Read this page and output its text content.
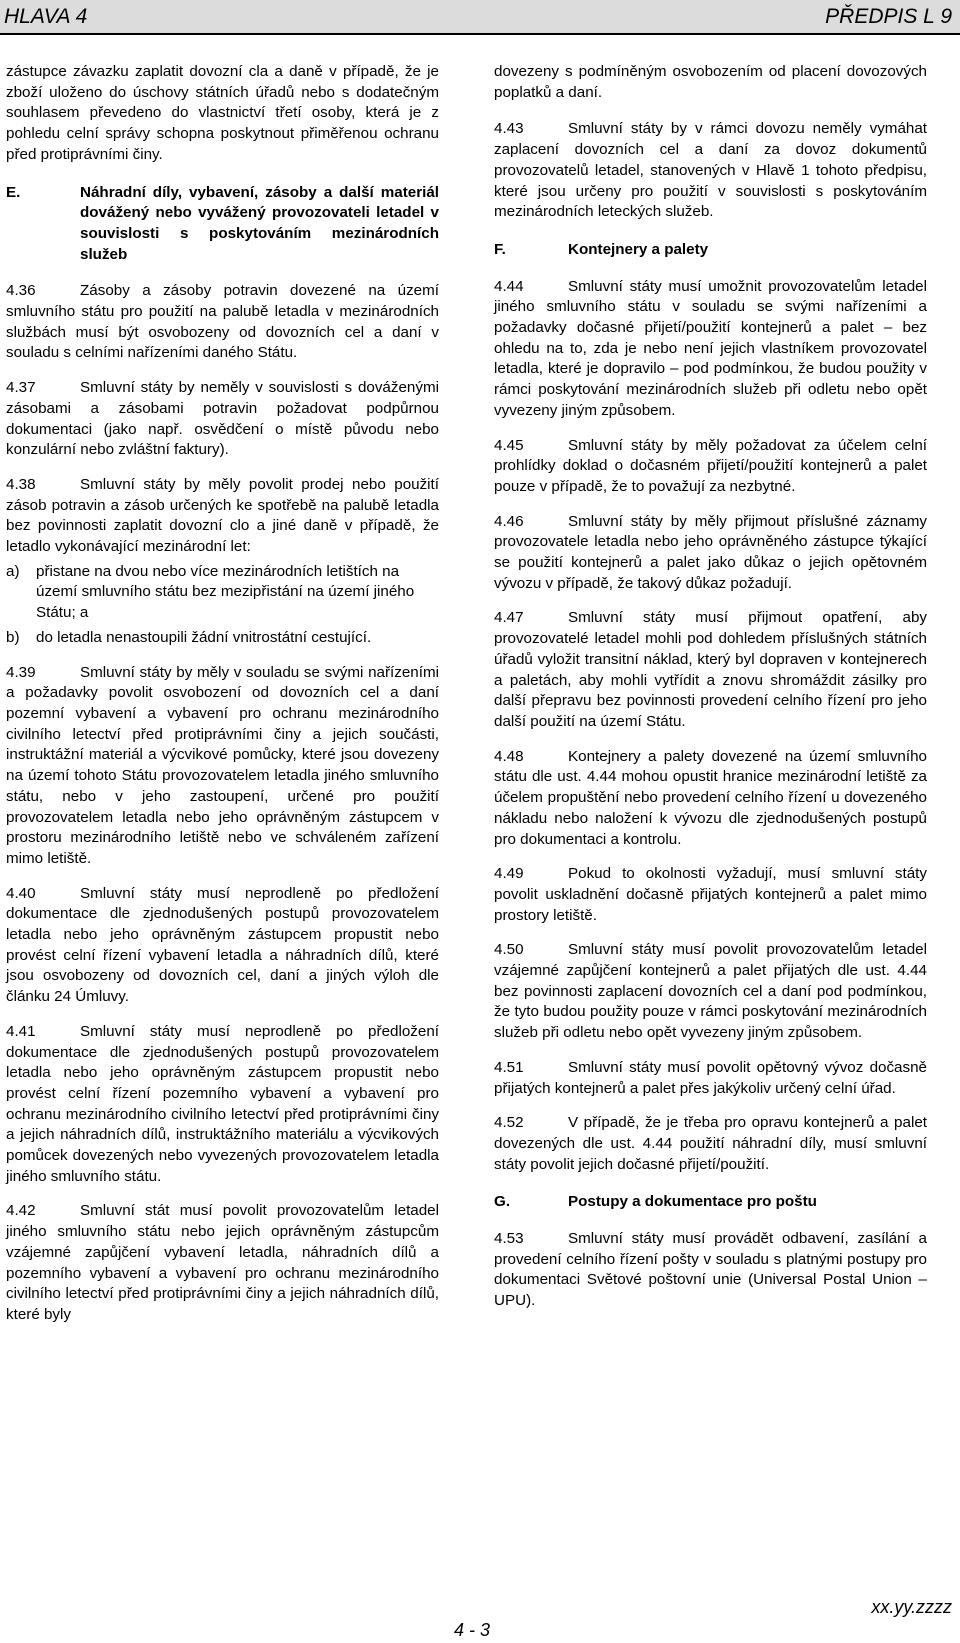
HLAVA 4	PŘEDPIS L 9

zástupce závazku zaplatit dovozní cla a daně v případě, že je zboží uloženo do úschovy státních úřadů nebo s dodatečným souhlasem převedeno do vlastnictví třetí osoby, která je z pohledu celní správy schopna poskytnout přiměřenou ochranu před protiprávními činy.

E.	Náhradní díly, vybavení, zásoby a další materiál dovážený nebo vyvážený provozovateli letadel v souvislosti s poskytováním mezinárodních služeb

4.36	Zásoby a zásoby potravin dovezené na území smluvního státu pro použití na palubě letadla v mezinárodních službách musí být osvobozeny od dovozních cel a daní v souladu s celními nařízeními daného Státu.

4.37	Smluvní státy by neměly v souvislosti s dováženými zásobami a zásobami potravin požadovat podpůrnou dokumentaci (jako např. osvědčení o místě původu nebo konzulární nebo zvláštní faktury).

4.38	Smluvní státy by měly povolit prodej nebo použití zásob potravin a zásob určených ke spotřebě na palubě letadla bez povinnosti zaplatit dovozní clo a jiné daně v případě, že letadlo vykonávající mezinárodní let:

a)	přistane na dvou nebo více mezinárodních letištích na území smluvního státu bez mezipřistání na území jiného Státu; a
b)	do letadla nenastoupili žádní vnitrostátní cestující.

4.39	Smluvní státy by měly v souladu se svými nařízeními a požadavky povolit osvobození od dovozních cel a daní pozemní vybavení a vybavení pro ochranu mezinárodního civilního letectví před protiprávními činy a jejich součásti, instruktážní materiál a výcvikové pomůcky, které jsou dovezeny na území tohoto Státu provozovatelem letadla jiného smluvního státu, nebo v jeho zastoupení, určené pro použití provozovatelem letadla nebo jeho oprávněným zástupcem v prostoru mezinárodního letiště nebo ve schváleném zařízení mimo letiště.

4.40	Smluvní státy musí neprodleně po předložení dokumentace dle zjednodušených postupů provozovatelem letadla nebo jeho oprávněným zástupcem propustit nebo provést celní řízení vybavení letadla a náhradních dílů, které jsou osvobozeny od dovozních cel, daní a jiných výloh dle článku 24 Úmluvy.

4.41	Smluvní státy musí neprodleně po předložení dokumentace dle zjednodušených postupů provozovatelem letadla nebo jeho oprávněným zástupcem propustit nebo provést celní řízení pozemního vybavení a vybavení pro ochranu mezinárodního civilního letectví před protiprávními činy a jejich náhradních dílů, instruktážního materiálu a výcvikových pomůcek dovezených nebo vyvezených provozovatelem letadla jiného smluvního státu.

4.42	Smluvní stát musí povolit provozovatelům letadel jiného smluvního státu nebo jejich oprávněným zástupcům vzájemné zapůjčení vybavení letadla, náhradních dílů a pozemního vybavení a vybavení pro ochranu mezinárodního civilního letectví před protiprávními činy a jejich náhradních dílů, které byly

dovezeny s podmíněným osvobozením od placení dovozových poplatků a daní.

4.43	Smluvní státy by v rámci dovozu neměly vymáhat zaplacení dovozních cel a daní za dovoz dokumentů provozovatelů letadel, stanovených v Hlavě 1 tohoto předpisu, které jsou určeny pro použití v souvislosti s poskytováním mezinárodních leteckých služeb.

F.	Kontejnery a palety

4.44	Smluvní státy musí umožnit provozovatelům letadel jiného smluvního státu v souladu se svými nařízeními a požadavky dočasné přijetí/použití kontejnerů a palet – bez ohledu na to, zda je nebo není jejich vlastníkem provozovatel letadla, které je dopravilo – pod podmínkou, že budou použity v rámci poskytování mezinárodních služeb při odletu nebo opět vyvezeny jiným způsobem.

4.45	Smluvní státy by měly požadovat za účelem celní prohlídky doklad o dočasném přijetí/použití kontejnerů a palet pouze v případě, že to považují za nezbytné.

4.46	Smluvní státy by měly přijmout příslušné záznamy provozovatele letadla nebo jeho oprávněného zástupce týkající se použití kontejnerů a palet jako důkaz o jejich opětovném vývozu v případě, že takový důkaz požadují.

4.47	Smluvní státy musí přijmout opatření, aby provozovatelé letadel mohli pod dohledem příslušných státních úřadů vyložit transitní náklad, který byl dopraven v kontejnerech a paletách, aby mohli vytřídit a znovu shromáždit zásilky pro další přepravu bez povinnosti provedení celního řízení pro jeho další použití na území Státu.

4.48	Kontejnery a palety dovezené na území smluvního státu dle ust. 4.44 mohou opustit hranice mezinárodní letiště za účelem propuštění nebo provedení celního řízení u dovezeného nákladu nebo naložení k vývozu dle zjednodušených postupů pro dokumentaci a kontrolu.

4.49	Pokud to okolnosti vyžadují, musí smluvní státy povolit uskladnění dočasně přijatých kontejnerů a palet mimo prostory letiště.

4.50	Smluvní státy musí povolit provozovatelům letadel vzájemné zapůjčení kontejnerů a palet přijatých dle ust. 4.44 bez povinnosti zaplacení dovozních cel a daní pod podmínkou, že tyto budou použity pouze v rámci poskytování mezinárodních služeb při odletu nebo opět vyvezeny jiným způsobem.

4.51	Smluvní státy musí povolit opětovný vývoz dočasně přijatých kontejnerů a palet přes jakýkoliv určený celní úřad.

4.52	V případě, že je třeba pro opravu kontejnerů a palet dovezených dle ust. 4.44 použití náhradní díly, musí smluvní státy povolit jejich dočasné přijetí/použití.

G.	Postupy a dokumentace pro poštu

4.53	Smluvní státy musí provádět odbavení, zasílání a provedení celního řízení pošty v souladu s platnými postupy pro dokumentaci Světové poštovní unie (Universal Postal Union – UPU).

xx.yy.zzzz
4 - 3
